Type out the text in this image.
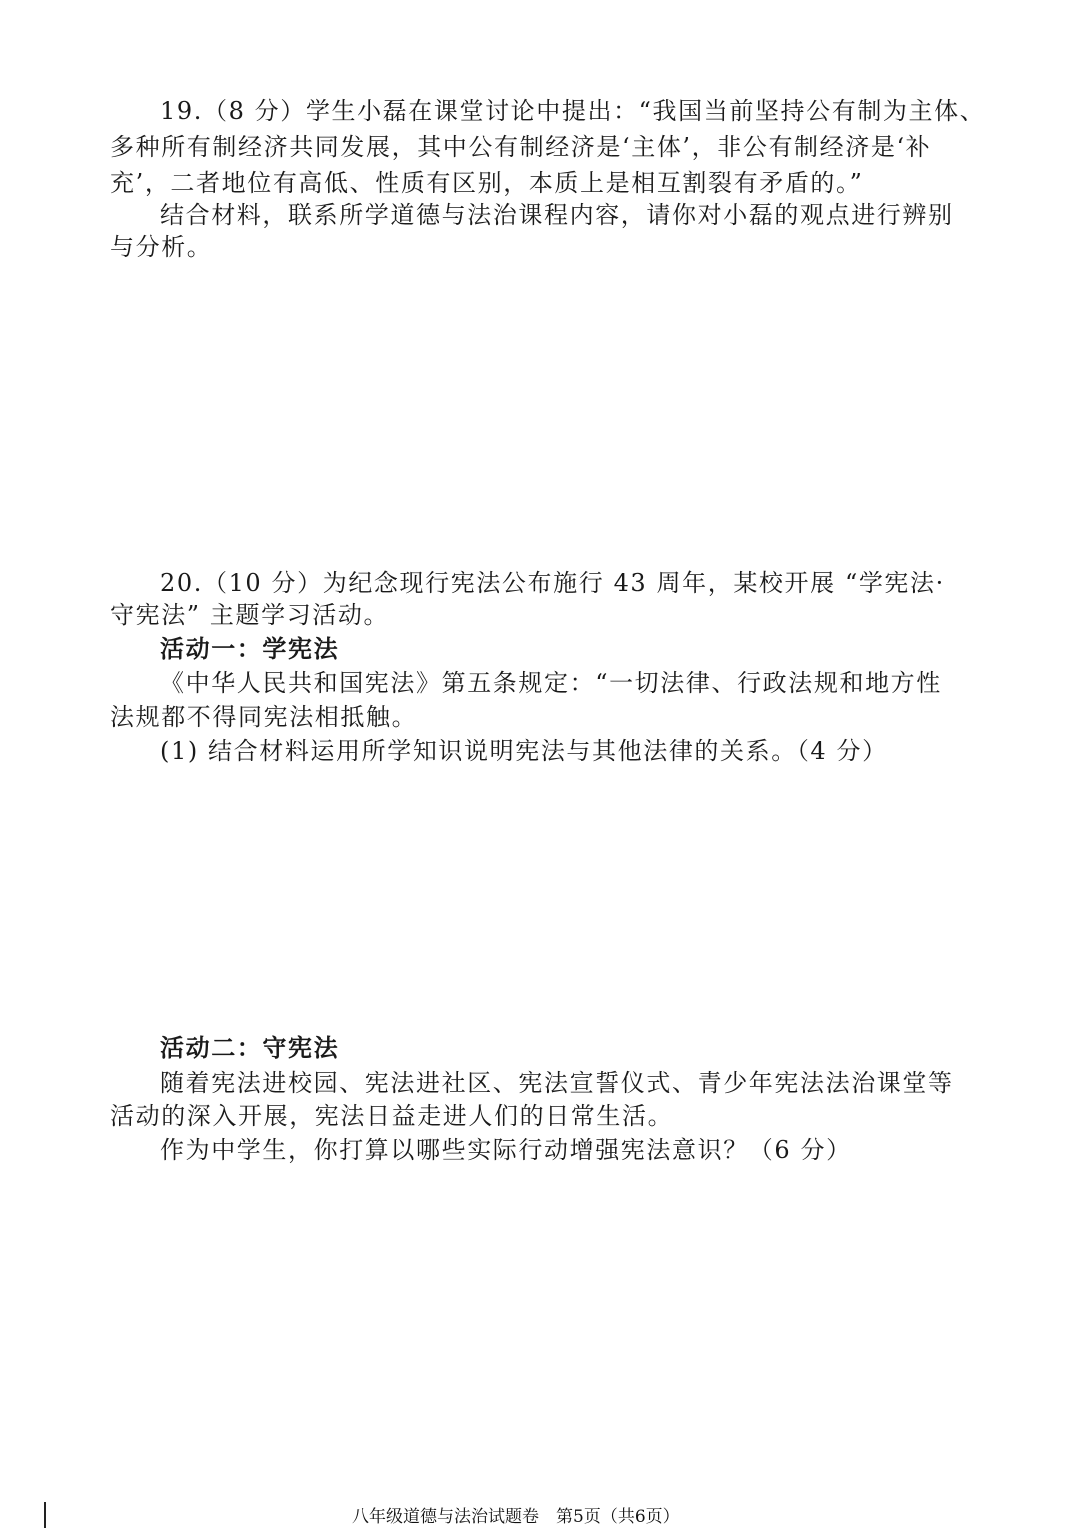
19.（8 分）学生小磊在课堂讨论中提出：“我国当前坚持公有制为主体、
多种所有制经济共同发展，其中公有制经济是‘主体’，非公有制经济是‘补
充’，二者地位有高低、性质有区别，本质上是相互割裂有矛盾的。”
结合材料，联系所学道德与法治课程内容，请你对小磊的观点进行辨别
与分析。
20.（10 分）为纪念现行宪法公布施行 43 周年，某校开展 “学宪法·
守宪法” 主题学习活动。
活动一：学宪法
《中华人民共和国宪法》第五条规定：“一切法律、行政法规和地方性
法规都不得同宪法相抵触。
(1) 结合材料运用所学知识说明宪法与其他法律的关系。（4 分）
活动二：守宪法
随着宪法进校园、宪法进社区、宪法宣誓仪式、青少年宪法法治课堂等
活动的深入开展，宪法日益走进人们的日常生活。
作为中学生，你打算以哪些实际行动增强宪法意识？（6 分）
八年级道德与法治试题卷　第5页（共6页）
